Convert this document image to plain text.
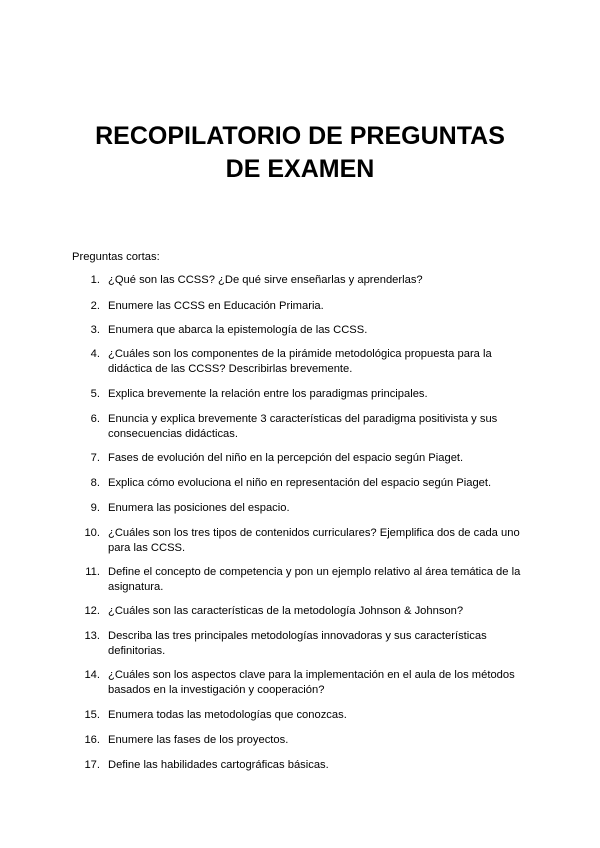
RECOPILATORIO DE PREGUNTAS
DE EXAMEN

Preguntas cortas:

1. ¿Qué son las CCSS? ¿De qué sirve enseñarlas y aprenderlas?
2. Enumere las CCSS en Educación Primaria.
3. Enumera que abarca la epistemología de las CCSS.
4. ¿Cuáles son los componentes de la pirámide metodológica propuesta para la didáctica de las CCSS? Describirlas brevemente.
5. Explica brevemente la relación entre los paradigmas principales.
6. Enuncia y explica brevemente 3 características del paradigma positivista y sus consecuencias didácticas.
7. Fases de evolución del niño en la percepción del espacio según Piaget.
8. Explica cómo evoluciona el niño en representación del espacio según Piaget.
9. Enumera las posiciones del espacio.
10. ¿Cuáles son los tres tipos de contenidos curriculares? Ejemplifica dos de cada uno para las CCSS.
11. Define el concepto de competencia y pon un ejemplo relativo al área temática de la asignatura.
12. ¿Cuáles son las características de la metodología Johnson & Johnson?
13. Describa las tres principales metodologías innovadoras y sus características definitorias.
14. ¿Cuáles son los aspectos clave para la implementación en el aula de los métodos basados en la investigación y cooperación?
15. Enumera todas las metodologías que conozcas.
16. Enumere las fases de los proyectos.
17. Define las habilidades cartográficas básicas.
